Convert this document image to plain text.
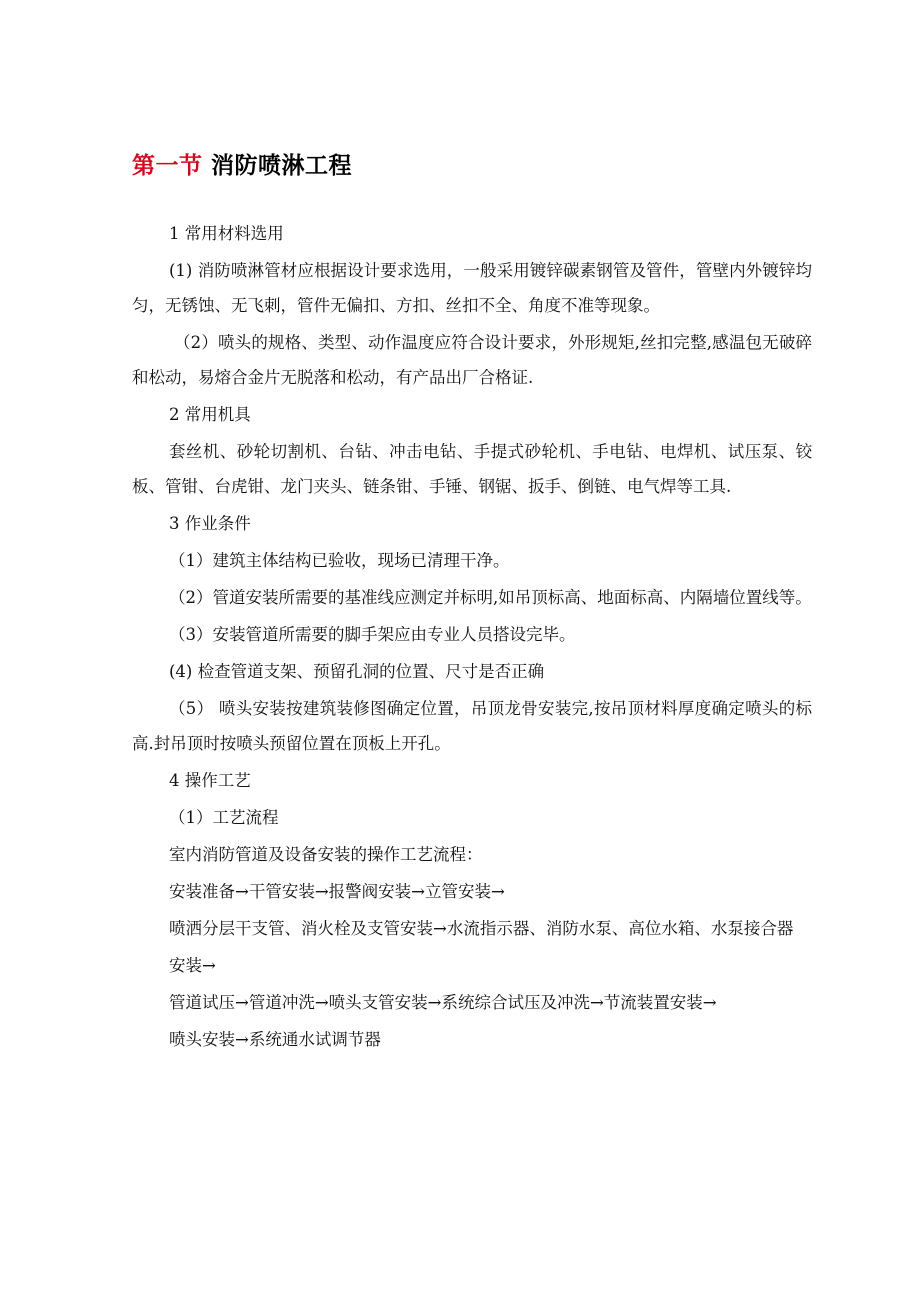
第一节 消防喷淋工程

1 常用材料选用

(1) 消防喷淋管材应根据设计要求选用，一般采用镀锌碳素钢管及管件，管壁内外镀锌均匀，无锈蚀、无飞刺，管件无偏扣、方扣、丝扣不全、角度不准等现象。

（2）喷头的规格、类型、动作温度应符合设计要求，外形规矩,丝扣完整,感温包无破碎和松动，易熔合金片无脱落和松动，有产品出厂合格证.

2 常用机具

套丝机、砂轮切割机、台钻、冲击电钻、手提式砂轮机、手电钻、电焊机、试压泵、铰板、管钳、台虎钳、龙门夹头、链条钳、手锤、钢锯、扳手、倒链、电气焊等工具.

3 作业条件

（1）建筑主体结构已验收，现场已清理干净。

（2）管道安装所需要的基准线应测定并标明,如吊顶标高、地面标高、内隔墙位置线等。

（3）安装管道所需要的脚手架应由专业人员搭设完毕。

(4) 检查管道支架、预留孔洞的位置、尺寸是否正确

（5） 喷头安装按建筑装修图确定位置，吊顶龙骨安装完,按吊顶材料厚度确定喷头的标高.封吊顶时按喷头预留位置在顶板上开孔。

4 操作工艺

（1）工艺流程

室内消防管道及设备安装的操作工艺流程：

安装准备→干管安装→报警阀安装→立管安装→

喷洒分层干支管、消火栓及支管安装→水流指示器、消防水泵、高位水箱、水泵接合器

安装→

管道试压→管道冲洗→喷头支管安装→系统综合试压及冲洗→节流装置安装→

喷头安装→系统通水试调节器
